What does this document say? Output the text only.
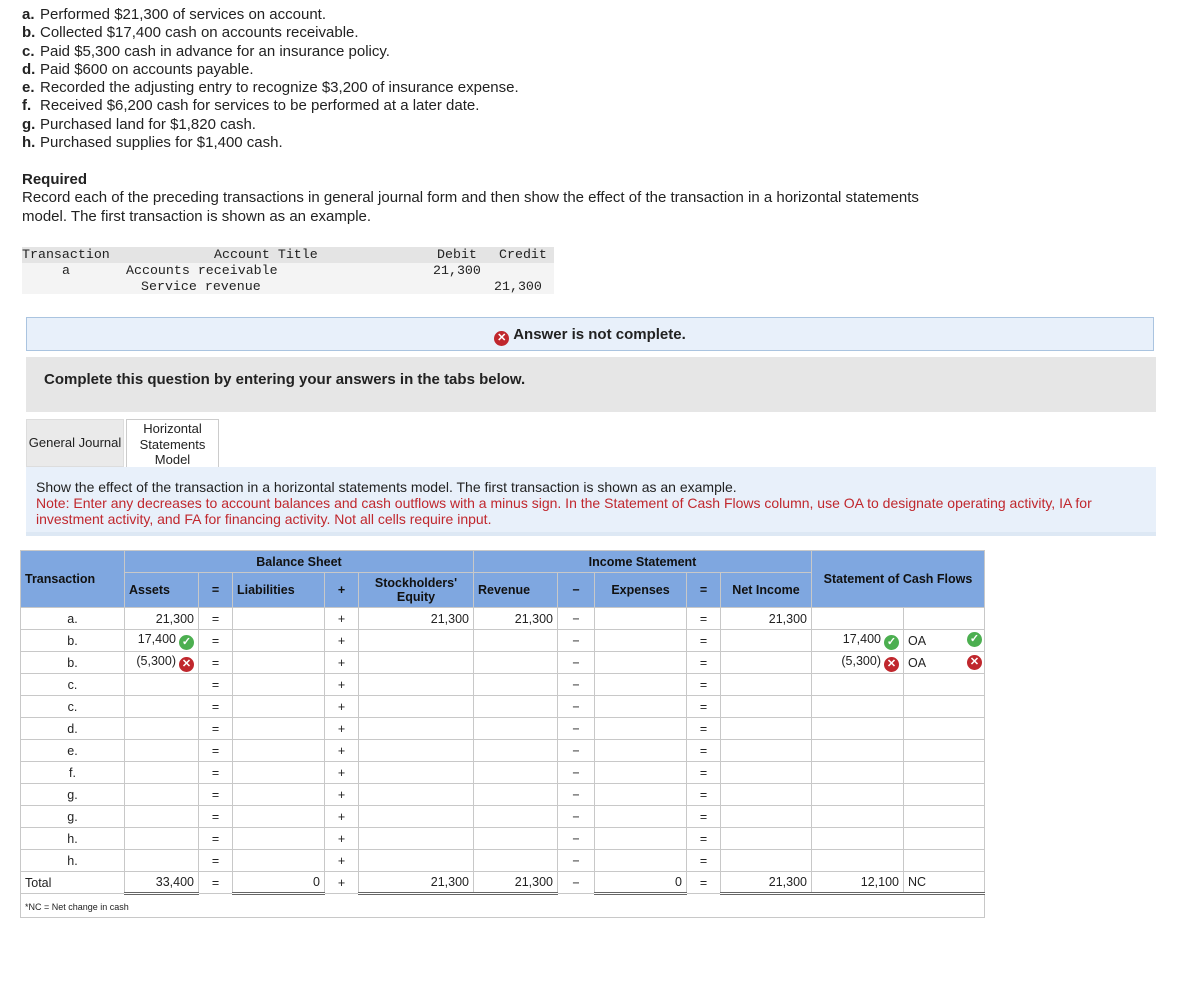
a. Performed $21,300 of services on account.
b. Collected $17,400 cash on accounts receivable.
c. Paid $5,300 cash in advance for an insurance policy.
d. Paid $600 on accounts payable.
e. Recorded the adjusting entry to recognize $3,200 of insurance expense.
f. Received $6,200 cash for services to be performed at a later date.
g. Purchased land for $1,820 cash.
h. Purchased supplies for $1,400 cash.
Required
Record each of the preceding transactions in general journal form and then show the effect of the transaction in a horizontal statements model. The first transaction is shown as an example.
Transaction	Account Title	Debit Credit
a	Accounts receivable	21,300
Service revenue	21,300
✕ Answer is not complete.
Complete this question by entering your answers in the tabs below.
General Journal
Horizontal Statements Model
Show the effect of the transaction in a horizontal statements model. The first transaction is shown as an example.
Note: Enter any decreases to account balances and cash outflows with a minus sign. In the Statement of Cash Flows column, use OA to designate operating activity, IA for investment activity, and FA for financing activity. Not all cells require input.
Transaction	Balance Sheet					Income Statement					Statement of Cash Flows	
	Assets	=	Liabilities	+	Stockholders' Equity	Revenue	−	Expenses	=	Net Income		
a.	21,300	=		+	21,300	21,300	−		=	21,300		
b.	17,400 ✓	=		+			−		=		17,400 ✓	OA
b.	(5,300) ✕	=		+			−		=		(5,300) ✕	OA
c.		=		+			−		=			
c.		=		+			−		=			
d.		=		+			−		=			
e.		=		+			−		=			
f.		=		+			−		=			
g.		=		+			−		=			
g.		=		+			−		=			
h.		=		+			−		=			
h.		=		+			−		=			
Total	33,400	=	0	+	21,300	21,300	−	0	=	21,300	12,100	NC
*NC = Net change in cash												
✓
✕
